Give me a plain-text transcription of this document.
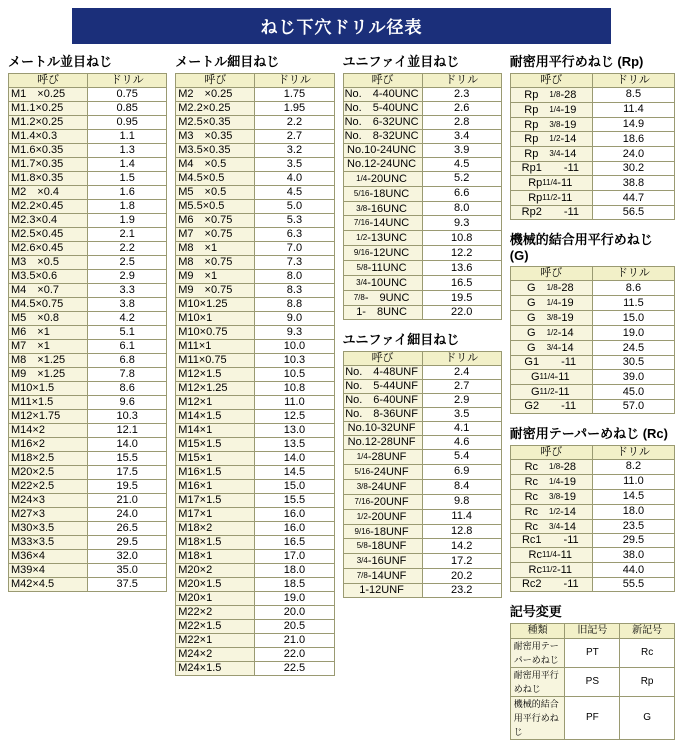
ねじ下穴ドリル径表
メートル並目ねじ
呼び	ドリル
M1　×0.25	0.75
M1.1×0.25	0.85
M1.2×0.25	0.95
M1.4×0.3	1.1
M1.6×0.35	1.3
M1.7×0.35	1.4
M1.8×0.35	1.5
M2　×0.4	1.6
M2.2×0.45	1.8
M2.3×0.4	1.9
M2.5×0.45	2.1
M2.6×0.45	2.2
M3　×0.5	2.5
M3.5×0.6	2.9
M4　×0.7	3.3
M4.5×0.75	3.8
M5　×0.8	4.2
M6　×1	5.1
M7　×1	6.1
M8　×1.25	6.8
M9　×1.25	7.8
M10×1.5	8.6
M11×1.5	9.6
M12×1.75	10.3
M14×2	12.1
M16×2	14.0
M18×2.5	15.5
M20×2.5	17.5
M22×2.5	19.5
M24×3	21.0
M27×3	24.0
M30×3.5	26.5
M33×3.5	29.5
M36×4	32.0
M39×4	35.0
M42×4.5	37.5
メートル細目ねじ
呼び	ドリル
M2　×0.25	1.75
M2.2×0.25	1.95
M2.5×0.35	2.2
M3　×0.35	2.7
M3.5×0.35	3.2
M4　×0.5	3.5
M4.5×0.5	4.0
M5　×0.5	4.5
M5.5×0.5	5.0
M6　×0.75	5.3
M7　×0.75	6.3
M8　×1	7.0
M8　×0.75	7.3
M9　×1	8.0
M9　×0.75	8.3
M10×1.25	8.8
M10×1	9.0
M10×0.75	9.3
M11×1	10.0
M11×0.75	10.3
M12×1.5	10.5
M12×1.25	10.8
M12×1	11.0
M14×1.5	12.5
M14×1	13.0
M15×1.5	13.5
M15×1	14.0
M16×1.5	14.5
M16×1	15.0
M17×1.5	15.5
M17×1	16.0
M18×2	16.0
M18×1.5	16.5
M18×1	17.0
M20×2	18.0
M20×1.5	18.5
M20×1	19.0
M22×2	20.0
M22×1.5	20.5
M22×1	21.0
M24×2	22.0
M24×1.5	22.5
ユニファイ並目ねじ
呼び	ドリル
No.　4-40UNC	2.3
No.　5-40UNC	2.6
No.　6-32UNC	2.8
No.　8-32UNC	3.4
No.10-24UNC	3.9
No.12-24UNC	4.5
1/4-20UNC	5.2
5/16-18UNC	6.6
3/8-16UNC	8.0
7/16-14UNC	9.3
1/2-13UNC	10.8
9/16-12UNC	12.2
5/8-11UNC	13.6
3/4-10UNC	16.5
7/8-　9UNC	19.5
1-　8UNC	22.0
ユニファイ細目ねじ
呼び	ドリル
No.　4-48UNF	2.4
No.　5-44UNF	2.7
No.　6-40UNF	2.9
No.　8-36UNF	3.5
No.10-32UNF	4.1
No.12-28UNF	4.6
1/4-28UNF	5.4
5/16-24UNF	6.9
3/8-24UNF	8.4
7/16-20UNF	9.8
1/2-20UNF	11.4
9/16-18UNF	12.8
5/8-18UNF	14.2
3/4-16UNF	17.2
7/8-14UNF	20.2
1-12UNF	23.2
耐密用平行めねじ (Rp)
呼び	ドリル
Rp　1/8-28	8.5
Rp　1/4-19	11.4
Rp　3/8-19	14.9
Rp　1/2-14	18.6
Rp　3/4-14	24.0
Rp1　　-11	30.2
Rp11/4-11	38.8
Rp11/2-11	44.7
Rp2　　-11	56.5
機械的結合用平行めねじ (G)
呼び	ドリル
G　1/8-28	8.6
G　1/4-19	11.5
G　3/8-19	15.0
G　1/2-14	19.0
G　3/4-14	24.5
G1　　-11	30.5
G11/4-11	39.0
G11/2-11	45.0
G2　　-11	57.0
耐密用テーパーめねじ (Rc)
呼び	ドリル
Rc　1/8-28	8.2
Rc　1/4-19	11.0
Rc　3/8-19	14.5
Rc　1/2-14	18.0
Rc　3/4-14	23.5
Rc1　　-11	29.5
Rc11/4-11	38.0
Rc11/2-11	44.0
Rc2　　-11	55.5
記号変更
種類	旧記号	新記号
耐密用テーパーめねじ	PT	Rc
耐密用平行めねじ	PS	Rp
機械的結合用平行めねじ	PF	G
